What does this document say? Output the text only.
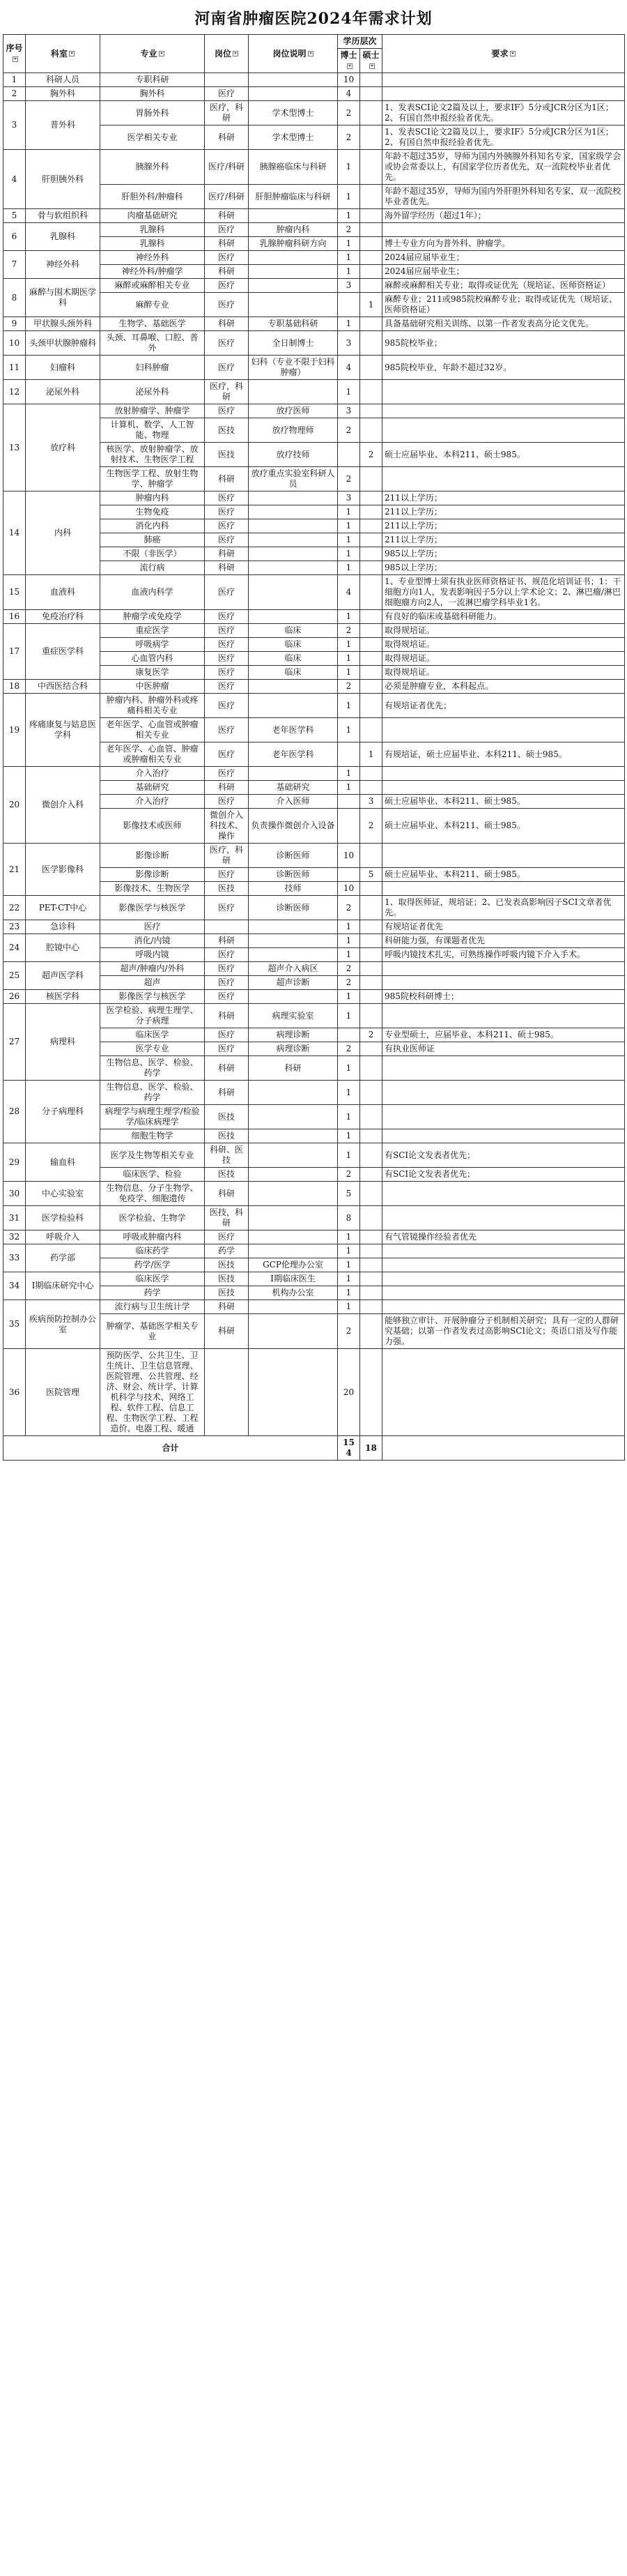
河南省肿瘤医院2024年需求计划
序号	科室	专业	岗位	岗位说明	学历层次		要求
					博士	硕士	
1	科研人员	专职科研			10		
2	胸外科	胸外科	医疗		4		
3	普外科	胃肠外科	医疗，科研	学术型博士	2		1、发表SCI论文2篇及以上，要求IF》5分或JCR分区为1区；2、有国自然申报经验者优先。
		医学相关专业	科研	学术型博士	2		1、发表SCI论文2篇及以上，要求IF》5分或JCR分区为1区；2、有国自然申报经验者优先。
4	肝胆胰外科	胰腺外科	医疗/科研	胰腺癌临床与科研	1		年龄不超过35岁，导师为国内外胰腺外科知名专家，国家级学会或协会常委以上，有国家学位历者优先，双一流院校毕业者优先。
		肝胆外科/肿瘤科	医疗/科研	肝胆肿瘤临床与科研	1		年龄不超过35岁，导师为国内外肝胆外科知名专家，双一流院校毕业者优先。
5	骨与软组织科	肉瘤基础研究	科研		1		海外留学经历（超过1年）；
6	乳腺科	乳腺科	医疗	肿瘤内科	2		
		乳腺科	科研	乳腺肿瘤科研方向	1		博士专业方向为普外科、肿瘤学。
7	神经外科	神经外科	医疗		1		2024届应届毕业生；
		神经外科/肿瘤学	科研		1		2024届应届毕业生；
8	麻醉与围术期医学科	麻醉或麻醉相关专业	医疗		3		麻醉或麻醉相关专业；取得或证优先（规培证、医师资格证）
		麻醉专业	医疗			1	麻醉专业；211或985院校麻醉专业；取得或证优先（规培证、医师资格证）
9	甲状腺头颈外科	生物学、基础医学	科研	专职基础科研	1		具备基础研究相关训练、以第一作者发表高分论文优先。
10	头颈甲状腺肿瘤科	头颈、耳鼻喉、口腔、普外	医疗	全日制博士	3		985院校毕业；
11	妇瘤科	妇科肿瘤	医疗	妇科（专业不限于妇科肿瘤）	4		985院校毕业，年龄不超过32岁。
12	泌尿外科	泌尿外科	医疗，科研		1		
13	放疗科	放射肿瘤学、肿瘤学	医疗	放疗医师	3		
		计算机、数学、人工智能、物理	医技	放疗物理师	2		
		核医学、放射肿瘤学、放射技术、生物医学工程	医技	放疗技师		2	硕士应届毕业、本科211、硕士985。
		生物医学工程、放射生物学、肿瘤学	科研	放疗重点实验室科研人员	2		
14	内科	肿瘤内科	医疗		3		211以上学历；
		生物免疫	医疗		1		211以上学历；
		消化内科	医疗		1		211以上学历；
		肺癌	医疗		1		211以上学历；
		不限（非医学）	科研		1		985以上学历；
		流行病	科研		1		985以上学历；
15	血液科	血液内科学	医疗		4		1、专业型博士须有执业医师资格证书、规范化培训证书；1：干细胞方向1人，发表影响因子5分以上学术论文；2、淋巴瘤/淋巴细胞瘤方向2人，一流淋巴瘤学科毕业1名。
16	免疫治疗科	肿瘤学或免疫学	医疗		1		有良好的临床或基础科研能力。
17	重症医学科	重症医学	医疗	临床	2		取得规培证。
		呼吸病学	医疗	临床	1		取得规培证。
		心血管内科	医疗	临床	1		取得规培证。
		康复医学	医疗	临床	1		取得规培证。
18	中西医结合科	中医肿瘤	医疗		2		必须是肿瘤专业，本科起点。
19	疼痛康复与姑息医学科	肿瘤内科、肿瘤外科或疼痛科相关专业	医疗		1		有规培证者优先；
		老年医学、心血管或肿瘤相关专业	医疗	老年医学科	1		
		老年医学、心血管、肿瘤或肿瘤相关专业	医疗	老年医学科		1	有规培证，硕士应届毕业、本科211、硕士985。
20	微创介入科	介入治疗	医疗		1		
		基础研究	科研	基础研究	1		
		介入治疗	医疗	介入医师		3	硕士应届毕业、本科211、硕士985。
		影像技术或医师	微创介入科技术、操作	负责操作微创介入设备		2	硕士应届毕业、本科211、硕士985。
21	医学影像科	影像诊断	医疗，科研	诊断医师	10		
		影像诊断	医疗	诊断医师		5	硕士应届毕业、本科211、硕士985。
		影像技术、生物医学	医技	技师	10		
22	PET-CT中心	影像医学与核医学	医疗	诊断医师	2		1、取得医师证，规培证；2、已发表高影响因子SCI文章者优先。
23	急诊科	医疗			1		有规培证者优先
24	腔镜中心	消化/内镜	科研		1		科研能力强，有课题者优先
		呼吸内镜	医疗		1		呼吸内镜技术扎实，可熟练操作呼吸内镜下介入手术。
25	超声医学科	超声/肿瘤内/外科	医疗	超声介入病区	2		
		超声	医疗	超声诊断	2		
26	核医学科	影像医学与核医学	医疗		1		985院校科研博士；
27	病理科	医学检验、病理生理学、分子病理	科研	病理实验室	1		
		临床医学	医疗	病理诊断		2	专业型硕士，应届毕业、本科211、硕士985。
		医学专业	医疗	病理诊断	2		有执业医师证
		生物信息、医学、检验、药学	科研	科研	1		
28	分子病理科	生物信息、医学、检验、药学	科研		1		
		病理学与病理生理学/检验学/临床病理学	医技		1		
		细胞生物学	医技		1		
29	输血科	医学及生物等相关专业	科研、医技		1		有SCI论文发表者优先；
		临床医学、检验	医技		2		有SCI论文发表者优先；
30	中心实验室	生物信息、分子生物学、免疫学、细胞遗传	科研		5		
31	医学检验科	医学检验、生物学	医技，科研		8		
32	呼吸介入	呼吸或肿瘤内科	医疗		1		有气管镜操作经验者优先
33	药学部	临床药学	药学		1		
		药学/医学	医技	GCP伦理办公室	1		
34	I期临床研究中心	临床医学	医技	I期临床医生	1		
		药学	医技	机构办公室	1		
35	疾病预防控制办公室	流行病与卫生统计学	科研		1		
		肿瘤学、基础医学相关专业	科研		2		能够独立审计、开展肿瘤分子机制相关研究；具有一定的人群研究基础；以第一作者发表过高影响SCI论文；英语口语及写作能力强。
36	医院管理	预防医学、公共卫生、卫生统计、卫生信息管理、医院管理、公共管理、经济、财会、统计学、计算机科学与技术、网络工程、软件工程、信息工程、生物医学工程、工程造价、电器工程、暖通			20		
合计					154	18	
